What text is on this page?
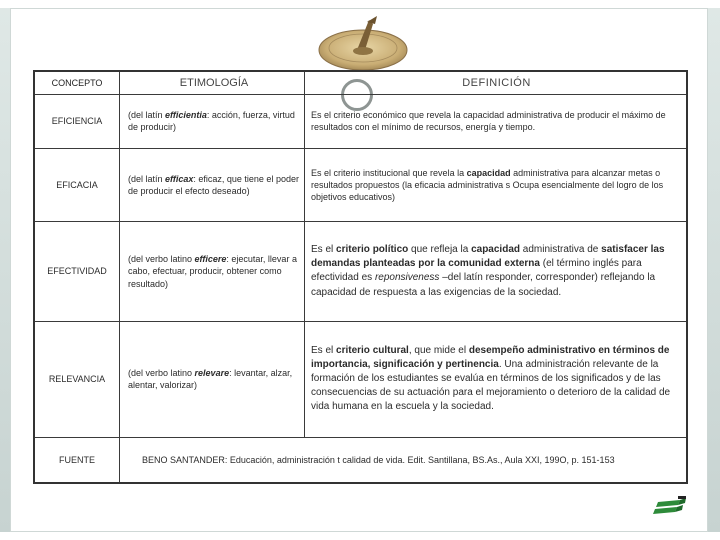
CONCEPTO	ETIMOLOGÍA	DEFINICIÓN
EFICIENCIA	(del latín efficientia: acción, fuerza, virtud de producir)	Es el criterio económico que revela la capacidad administrativa de producir el máximo de resultados con el mínimo de recursos, energía y tiempo.
EFICACIA	(del latín efficax: eficaz, que tiene el poder de producir el efecto deseado)	Es el criterio institucional que revela la capacidad administrativa para alcanzar metas o resultados propuestos (la eficacia administrativa s Ocupa esencialmente del logro de los objetivos educativos)
EFECTIVIDAD	(del verbo latino efficere: ejecutar, llevar a cabo, efectuar, producir, obtener como resultado)	Es el criterio político que refleja la capacidad administrativa de satisfacer las demandas planteadas por la comunidad externa (el término inglés para efectividad es reponsiveness –del latín responder, corresponder) reflejando la capacidad de respuesta a las exigencias de la sociedad.
RELEVANCIA	(del verbo latino relevare: levantar, alzar, alentar, valorizar)	Es el criterio cultural, que mide el desempeño administrativo en términos de importancia, significación y pertinencia. Una administración relevante de la formación de los estudiantes se evalúa en términos de los significados y de las consecuencias de su actuación para el mejoramiento o deterioro de la calidad de vida humana en la escuela y la sociedad.
FUENTE	BENO SANTANDER: Educación, administración t calidad de vida. Edit. Santillana, BS.As., Aula XXI, 199O, p. 151-153	
